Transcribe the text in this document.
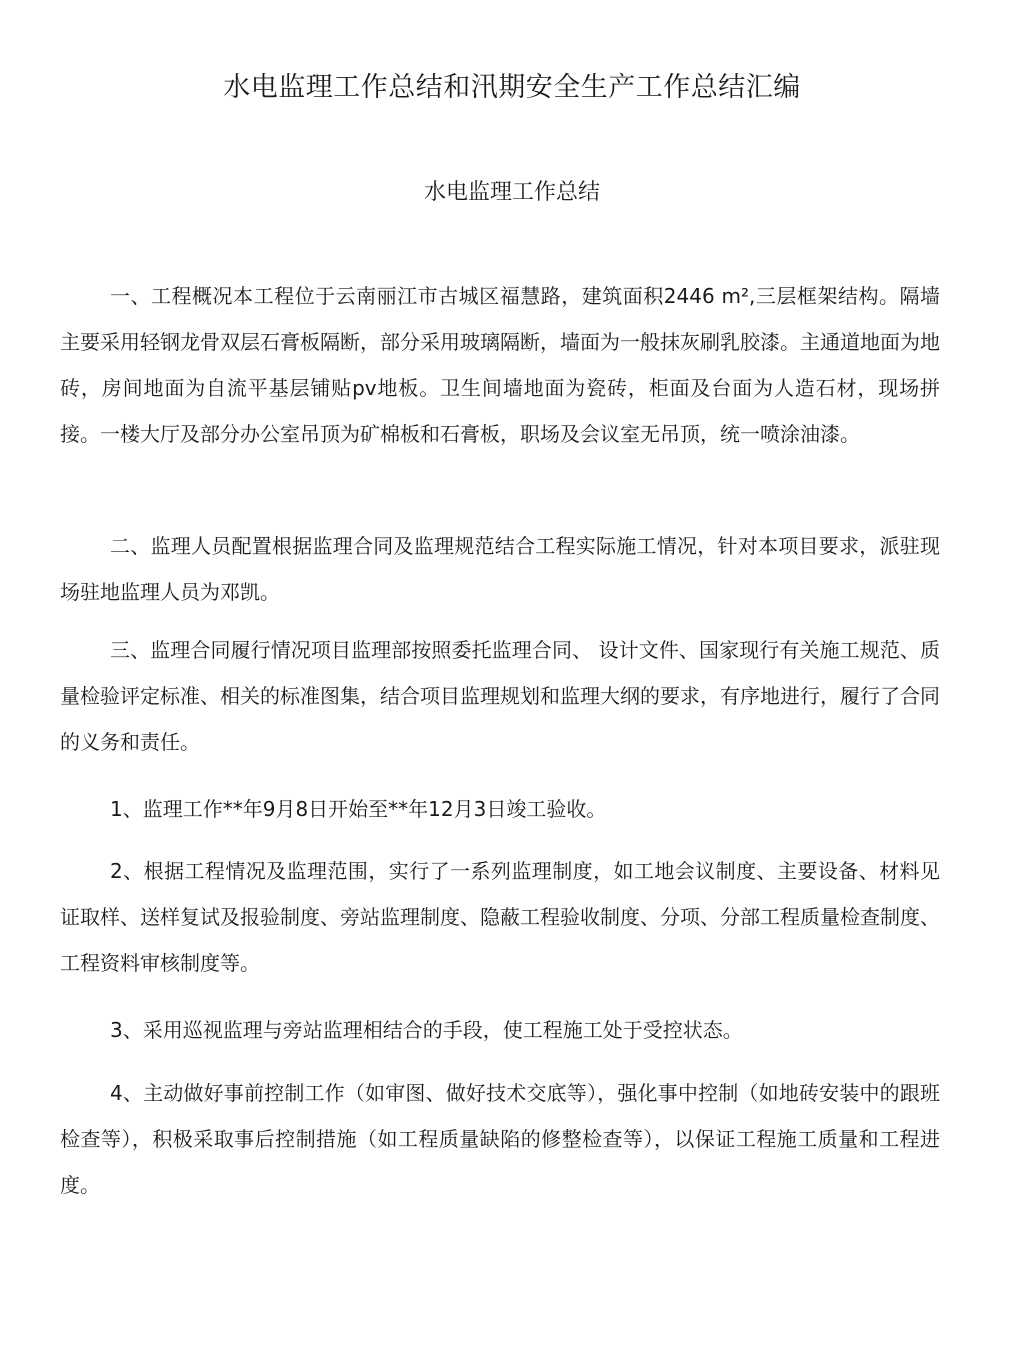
水电监理工作总结和汛期安全生产工作总结汇编
水电监理工作总结

一、工程概况本工程位于云南丽江市古城区福慧路，建筑面积2446 m²,三层框架结构。隔墙主要采用轻钢龙骨双层石膏板隔断，部分采用玻璃隔断，墙面为一般抹灰刷乳胶漆。主通道地面为地砖，房间地面为自流平基层铺贴pv地板。卫生间墙地面为瓷砖，柜面及台面为人造石材，现场拼接。一楼大厅及部分办公室吊顶为矿棉板和石膏板，职场及会议室无吊顶，统一喷涂油漆。

二、监理人员配置根据监理合同及监理规范结合工程实际施工情况，针对本项目要求，派驻现场驻地监理人员为邓凯。

三、监理合同履行情况项目监理部按照委托监理合同、 设计文件、国家现行有关施工规范、质量检验评定标准、相关的标准图集，结合项目监理规划和监理大纲的要求，有序地进行，履行了合同的义务和责任。

1、监理工作**年9月8日开始至**年12月3日竣工验收。

2、根据工程情况及监理范围，实行了一系列监理制度，如工地会议制度、主要设备、材料见证取样、送样复试及报验制度、旁站监理制度、隐蔽工程验收制度、分项、分部工程质量检查制度、工程资料审核制度等。

3、采用巡视监理与旁站监理相结合的手段，使工程施工处于受控状态。

4、主动做好事前控制工作（如审图、做好技术交底等），强化事中控制（如地砖安装中的跟班检查等），积极采取事后控制措施（如工程质量缺陷的修整检查等），以保证工程施工质量和工程进度。
